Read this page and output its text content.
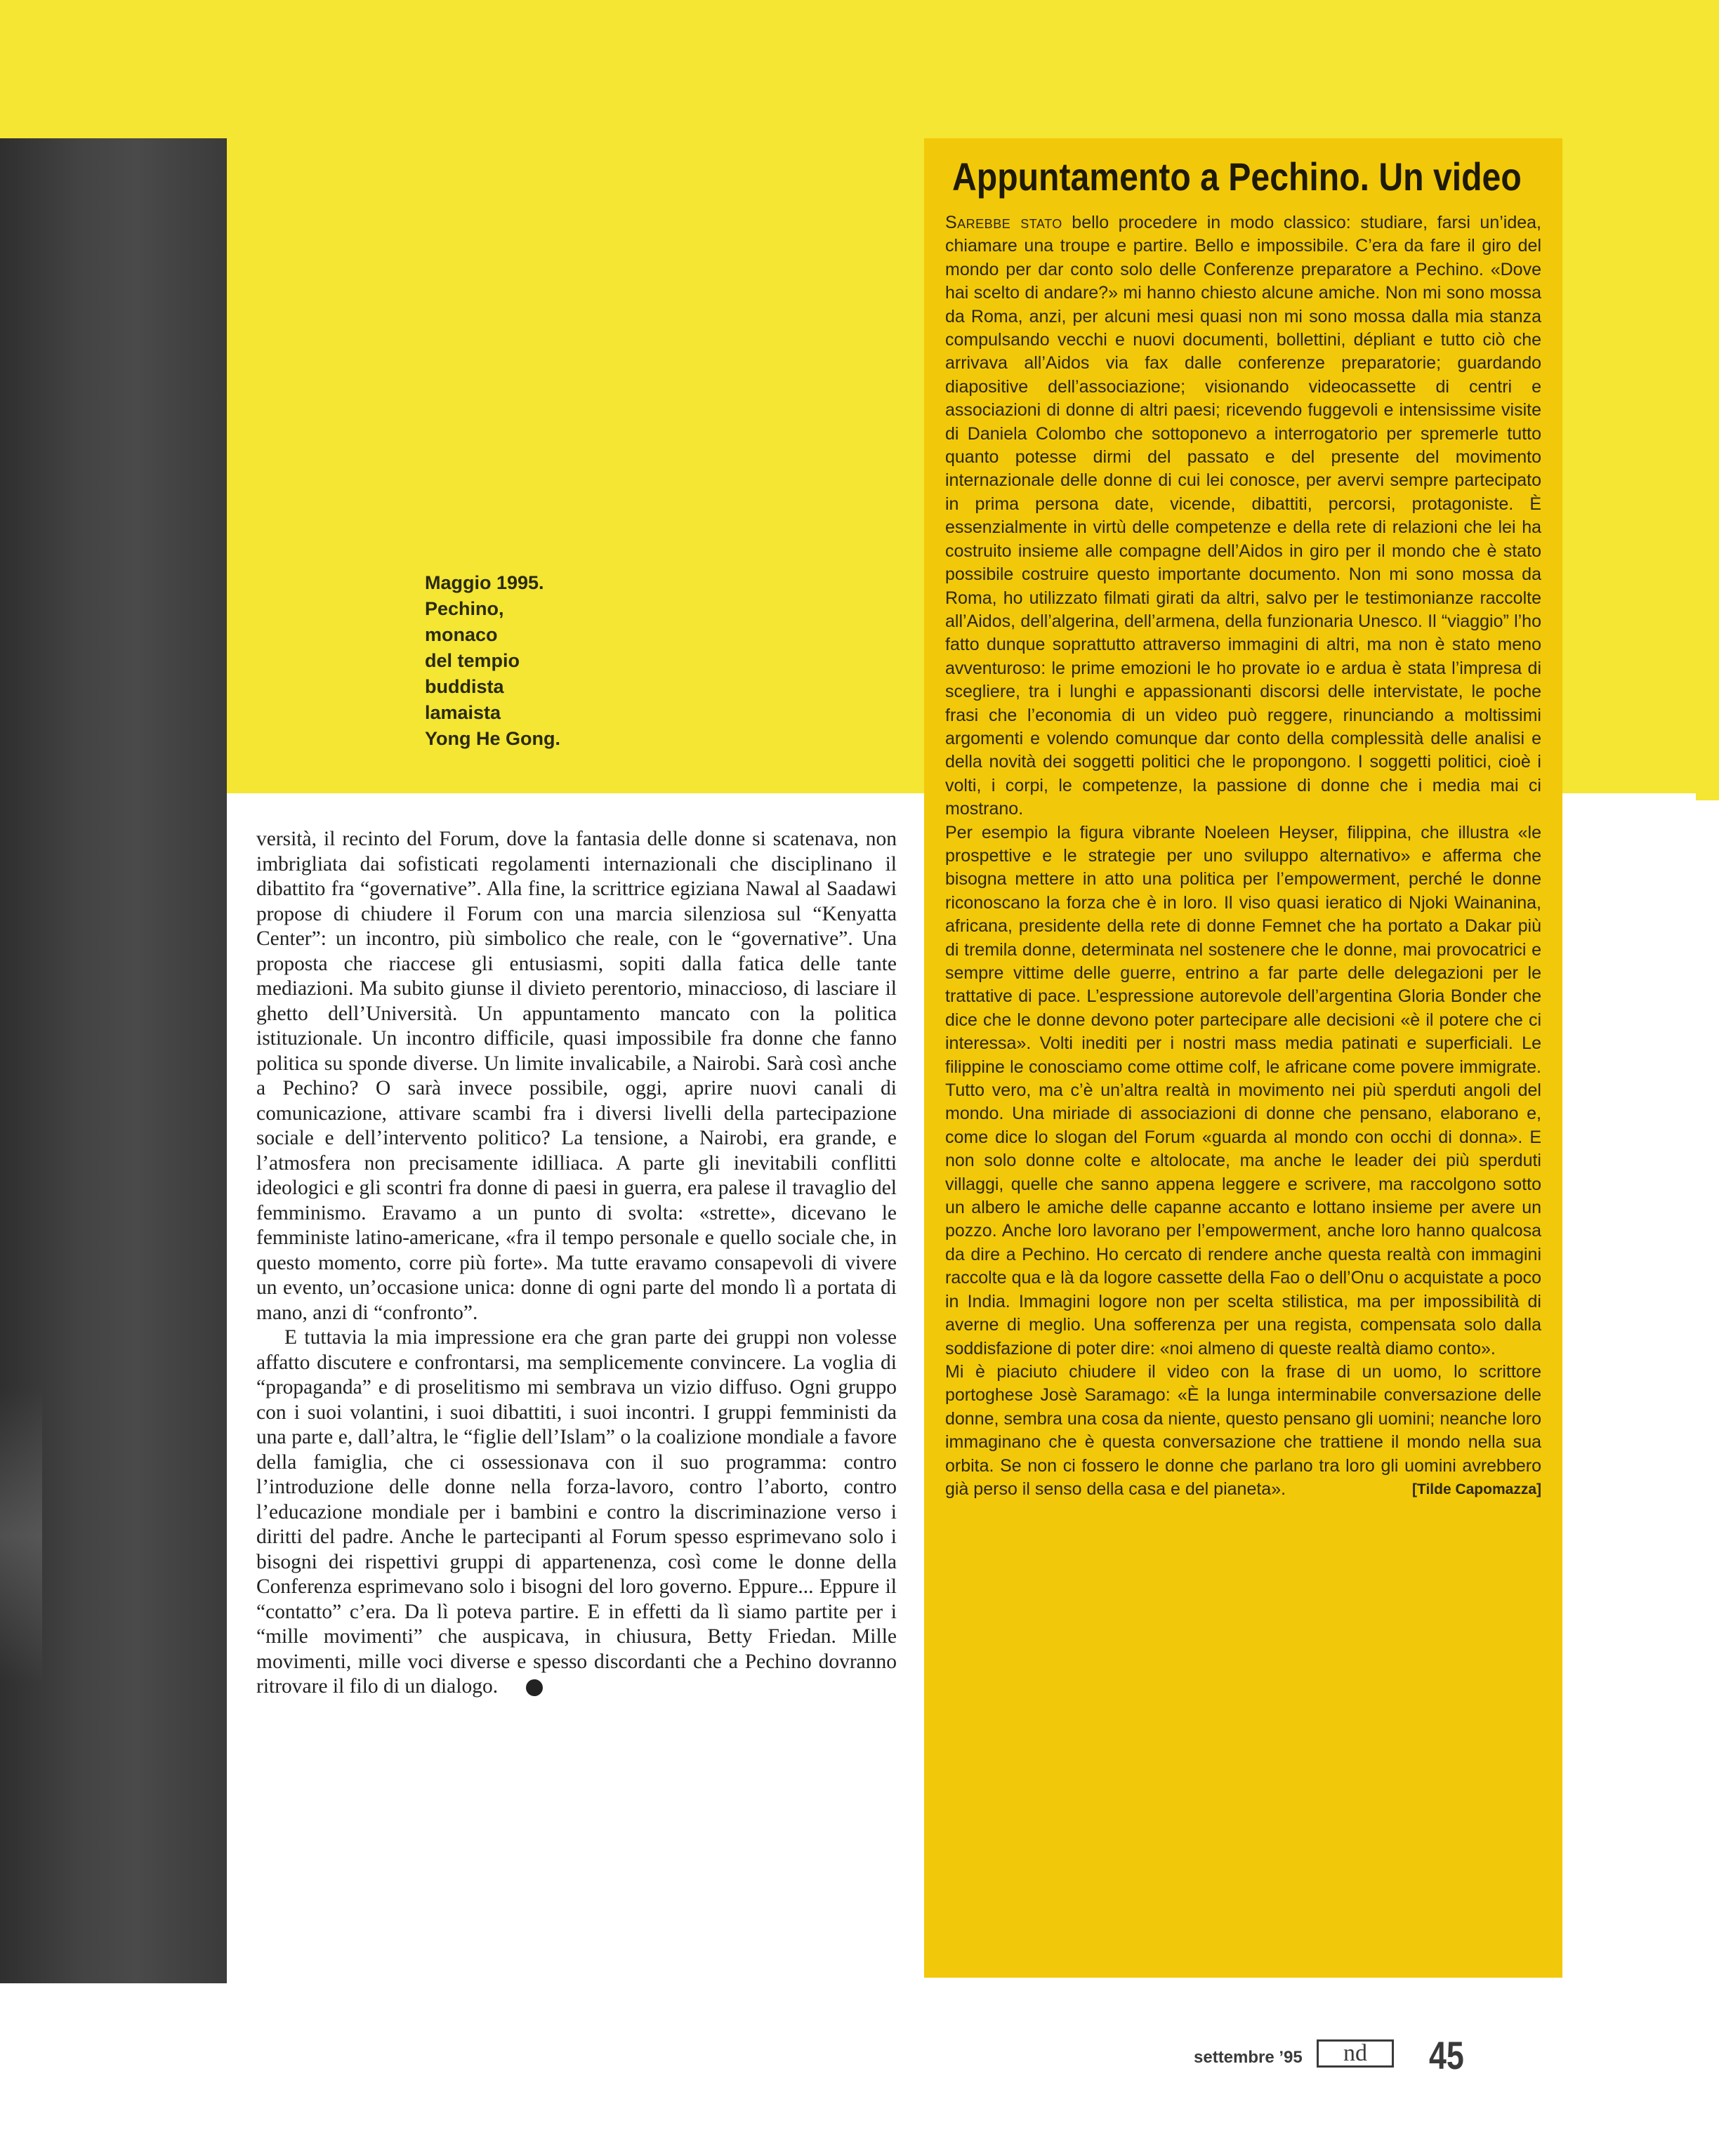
Maggio 1995.
Pechino,
monaco
del tempio
buddista
lamaista
Yong He Gong.

versità, il recinto del Forum, dove la fantasia delle donne si scatenava, non imbrigliata dai sofisticati regolamenti internazionali che disciplinano il dibattito fra “governative”. Alla fine, la scrittrice egiziana Nawal al Saadawi propose di chiudere il Forum con una marcia silenziosa sul “Kenyatta Center”: un incontro, più simbolico che reale, con le “governative”. Una proposta che riaccese gli entusiasmi, sopiti dalla fatica delle tante mediazioni. Ma subito giunse il divieto perentorio, minaccioso, di lasciare il ghetto dell’Università. Un appuntamento mancato con la politica istituzionale. Un incontro difficile, quasi impossibile fra donne che fanno politica su sponde diverse. Un limite invalicabile, a Nairobi. Sarà così anche a Pechino? O sarà invece possibile, oggi, aprire nuovi canali di comunicazione, attivare scambi fra i diversi livelli della partecipazione sociale e dell’intervento politico? La tensione, a Nairobi, era grande, e l’atmosfera non precisamente idilliaca. A parte gli inevitabili conflitti ideologici e gli scontri fra donne di paesi in guerra, era palese il travaglio del femminismo. Eravamo a un punto di svolta: «strette», dicevano le femministe latino-americane, «fra il tempo personale e quello sociale che, in questo momento, corre più forte». Ma tutte eravamo consapevoli di vivere un evento, un’occasione unica: donne di ogni parte del mondo lì a portata di mano, anzi di “confronto”.

E tuttavia la mia impressione era che gran parte dei gruppi non volesse affatto discutere e confrontarsi, ma semplicemente convincere. La voglia di “propaganda” e di proselitismo mi sembrava un vizio diffuso. Ogni gruppo con i suoi volantini, i suoi dibattiti, i suoi incontri. I gruppi femministi da una parte e, dall’altra, le “figlie dell’Islam” o la coalizione mondiale a favore della famiglia, che ci ossessionava con il suo programma: contro l’introduzione delle donne nella forza-lavoro, contro l’aborto, contro l’educazione mondiale per i bambini e contro la discriminazione verso i diritti del padre. Anche le partecipanti al Forum spesso esprimevano solo i bisogni dei rispettivi gruppi di appartenenza, così come le donne della Conferenza esprimevano solo i bisogni del loro governo. Eppure... Eppure il “contatto” c’era. Da lì poteva partire. E in effetti da lì siamo partite per i “mille movimenti” che auspicava, in chiusura, Betty Friedan. Mille movimenti, mille voci diverse e spesso discordanti che a Pechino dovranno ritrovare il filo di un dialogo.

Appuntamento a Pechino. Un video

Sarebbe stato bello procedere in modo classico: studiare, farsi un’idea, chiamare una troupe e partire. Bello e impossibile. C’era da fare il giro del mondo per dar conto solo delle Conferenze preparatore a Pechino. «Dove hai scelto di andare?» mi hanno chiesto alcune amiche. Non mi sono mossa da Roma, anzi, per alcuni mesi quasi non mi sono mossa dalla mia stanza compulsando vecchi e nuovi documenti, bollettini, dépliant e tutto ciò che arrivava all’Aidos via fax dalle conferenze preparatorie; guardando diapositive dell’associazione; visionando videocassette di centri e associazioni di donne di altri paesi; ricevendo fuggevoli e intensissime visite di Daniela Colombo che sottoponevo a interrogatorio per spremerle tutto quanto potesse dirmi del passato e del presente del movimento internazionale delle donne di cui lei conosce, per avervi sempre partecipato in prima persona date, vicende, dibattiti, percorsi, protagoniste. È essenzialmente in virtù delle competenze e della rete di relazioni che lei ha costruito insieme alle compagne dell’Aidos in giro per il mondo che è stato possibile costruire questo importante documento. Non mi sono mossa da Roma, ho utilizzato filmati girati da altri, salvo per le testimonianze raccolte all’Aidos, dell’algerina, dell’armena, della funzionaria Unesco. Il “viaggio” l’ho fatto dunque soprattutto attraverso immagini di altri, ma non è stato meno avventuroso: le prime emozioni le ho provate io e ardua è stata l’impresa di scegliere, tra i lunghi e appassionanti discorsi delle intervistate, le poche frasi che l’economia di un video può reggere, rinunciando a moltissimi argomenti e volendo comunque dar conto della complessità delle analisi e della novità dei soggetti politici che le propongono. I soggetti politici, cioè i volti, i corpi, le competenze, la passione di donne che i media mai ci mostrano.

Per esempio la figura vibrante Noeleen Heyser, filippina, che illustra «le prospettive e le strategie per uno sviluppo alternativo» e afferma che bisogna mettere in atto una politica per l’empowerment, perché le donne riconoscano la forza che è in loro. Il viso quasi ieratico di Njoki Wainanina, africana, presidente della rete di donne Femnet che ha portato a Dakar più di tremila donne, determinata nel sostenere che le donne, mai provocatrici e sempre vittime delle guerre, entrino a far parte delle delegazioni per le trattative di pace. L’espressione autorevole dell’argentina Gloria Bonder che dice che le donne devono poter partecipare alle decisioni «è il potere che ci interessa». Volti inediti per i nostri mass media patinati e superficiali. Le filippine le conosciamo come ottime colf, le africane come povere immigrate. Tutto vero, ma c’è un’altra realtà in movimento nei più sperduti angoli del mondo. Una miriade di associazioni di donne che pensano, elaborano e, come dice lo slogan del Forum «guarda al mondo con occhi di donna». E non solo donne colte e altolocate, ma anche le leader dei più sperduti villaggi, quelle che sanno appena leggere e scrivere, ma raccolgono sotto un albero le amiche delle capanne accanto e lottano insieme per avere un pozzo. Anche loro lavorano per l’empowerment, anche loro hanno qualcosa da dire a Pechino. Ho cercato di rendere anche questa realtà con immagini raccolte qua e là da logore cassette della Fao o dell’Onu o acquistate a poco in India. Immagini logore non per scelta stilistica, ma per impossibilità di averne di meglio. Una sofferenza per una regista, compensata solo dalla soddisfazione di poter dire: «noi almeno di queste realtà diamo conto».

Mi è piaciuto chiudere il video con la frase di un uomo, lo scrittore portoghese Josè Saramago: «È la lunga interminabile conversazione delle donne, sembra una cosa da niente, questo pensano gli uomini; neanche loro immaginano che è questa conversazione che trattiene il mondo nella sua orbita. Se non ci fossero le donne che parlano tra loro gli uomini avrebbero già perso il senso della casa e del pianeta».	[Tilde Capomazza]

settembre ’95	nd	45
